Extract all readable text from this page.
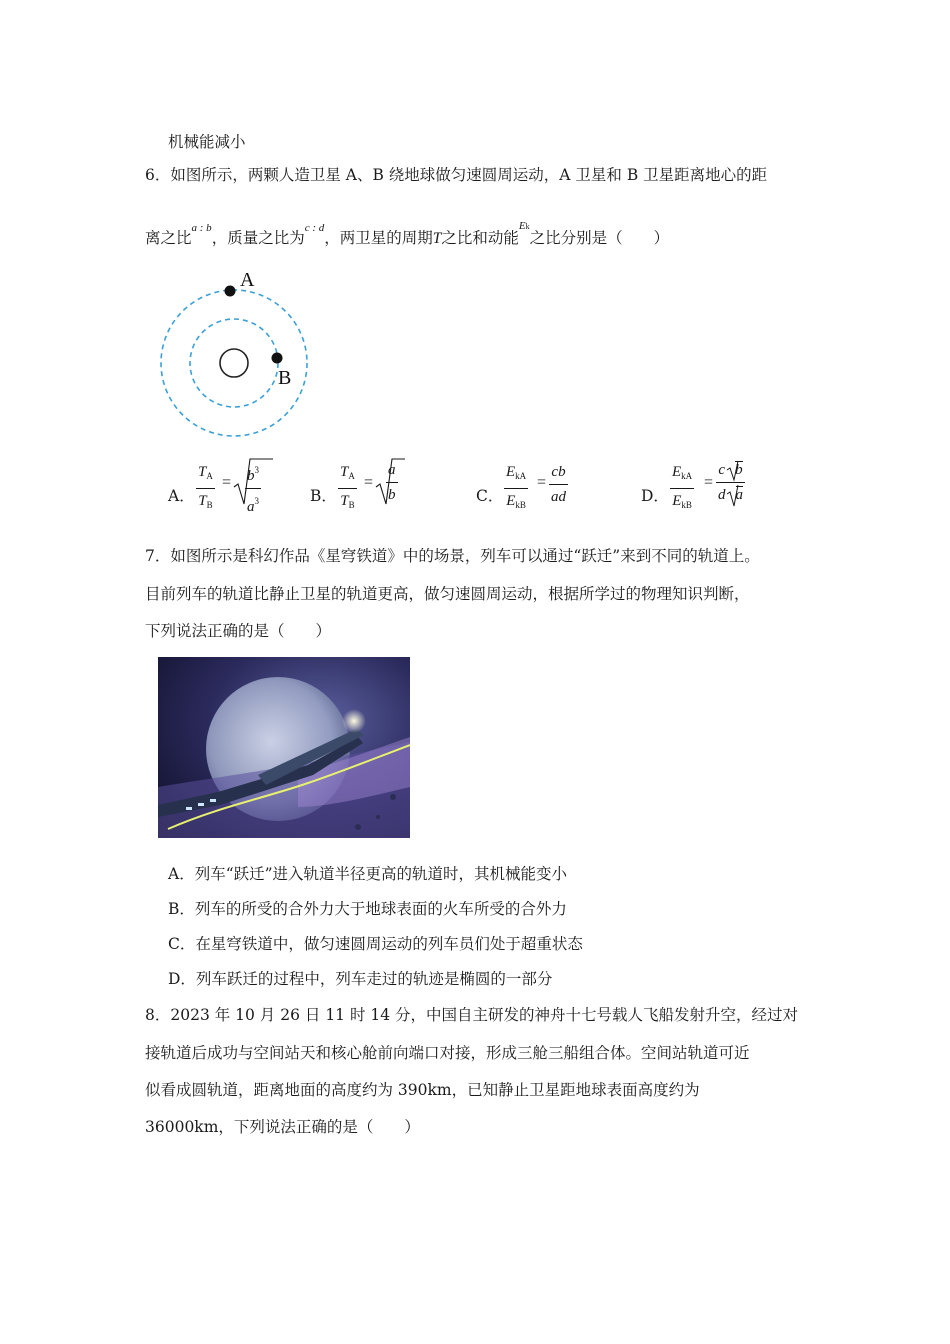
机械能减小
6．如图所示，两颗人造卫星 A、B 绕地球做匀速圆周运动，A 卫星和 B 卫星距离地心的距
离之比$^{a : b}$，质量之比为$^{c : d}$，两卫星的周期T之比和动能$^{Ek}$之比分别是（　　）
A
B
A．
$T_A$
$T_B$
= $b^3$
$a^3$	B．
$T_A$
$T_B$
=
a
b	C．
$E_{kA}$
$E_{kB}$
=
cb
ad	D．
$E_{kA}$
$E_{kB}$
=
c b
d a
7．如图所示是科幻作品《星穹铁道》中的场景，列车可以通过“跃迁”来到不同的轨道上。
目前列车的轨道比静止卫星的轨道更高，做匀速圆周运动，根据所学过的物理知识判断，
下列说法正确的是（　　）
A．列车“跃迁”进入轨道半径更高的轨道时，其机械能变小
B．列车的所受的合外力大于地球表面的火车所受的合外力
C．在星穹铁道中，做匀速圆周运动的列车员们处于超重状态
D．列车跃迁的过程中，列车走过的轨迹是椭圆的一部分
8．2023 年 10 月 26 日 11 时 14 分，中国自主研发的神舟十七号载人飞船发射升空，经过对
接轨道后成功与空间站天和核心舱前向端口对接，形成三舱三船组合体。空间站轨道可近
似看成圆轨道，距离地面的高度约为 390km，已知静止卫星距地球表面高度约为
36000km，下列说法正确的是（　　）
